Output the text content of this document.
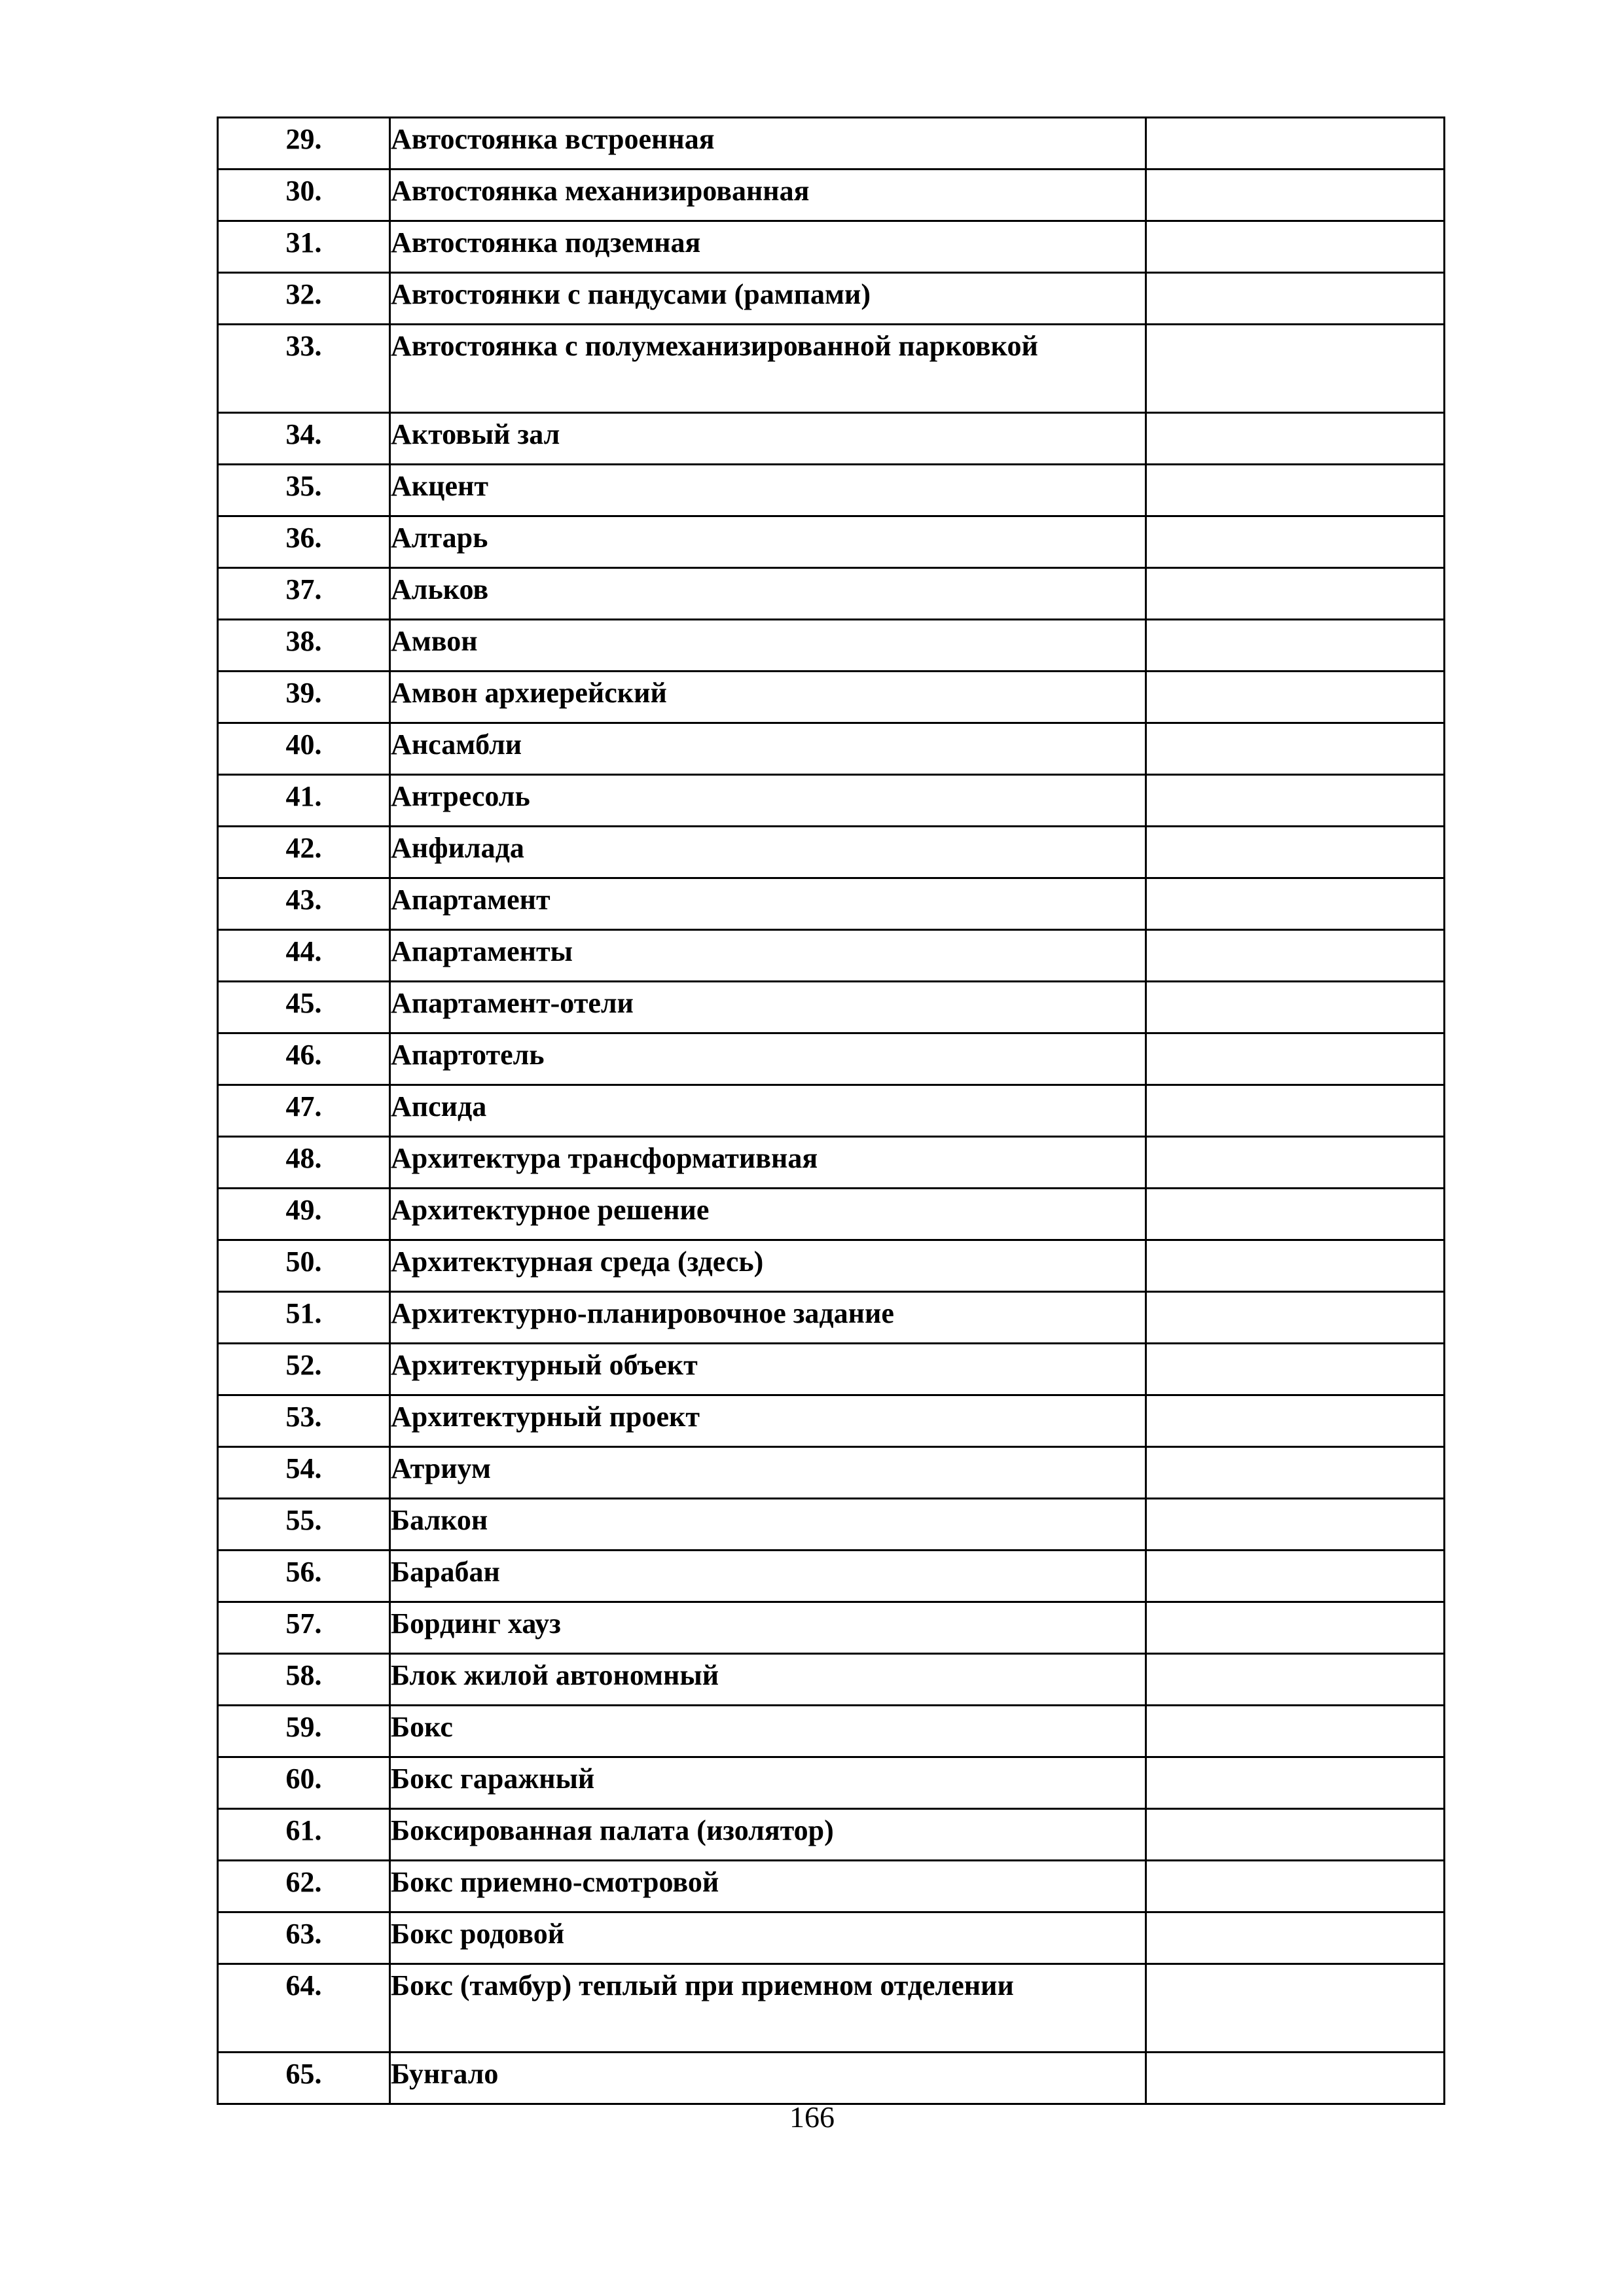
29.	Автостоянка встроенная	
30.	Автостоянка механизированная	
31.	Автостоянка подземная	
32.	Автостоянки с пандусами (рампами)	
33.	Автостоянка с полумеханизированной парковкой	
34.	Актовый зал	
35.	Акцент	
36.	Алтарь	
37.	Альков	
38.	Амвон	
39.	Амвон архиерейский	
40.	Ансамбли	
41.	Антресоль	
42.	Анфилада	
43.	Апартамент	
44.	Апартаменты	
45.	Апартамент-отели	
46.	Апартотель	
47.	Апсида	
48.	Архитектура трансформативная	
49.	Архитектурное решение	
50.	Архитектурная среда (здесь)	
51.	Архитектурно-планировочное задание	
52.	Архитектурный объект	
53.	Архитектурный проект	
54.	Атриум	
55.	Балкон	
56.	Барабан	
57.	Бординг хауз	
58.	Блок жилой автономный	
59.	Бокс	
60.	Бокс гаражный	
61.	Боксированная палата (изолятор)	
62.	Бокс приемно-смотровой	
63.	Бокс родовой	
64.	Бокс (тамбур) теплый при приемном отделении	
65.	Бунгало	
166
